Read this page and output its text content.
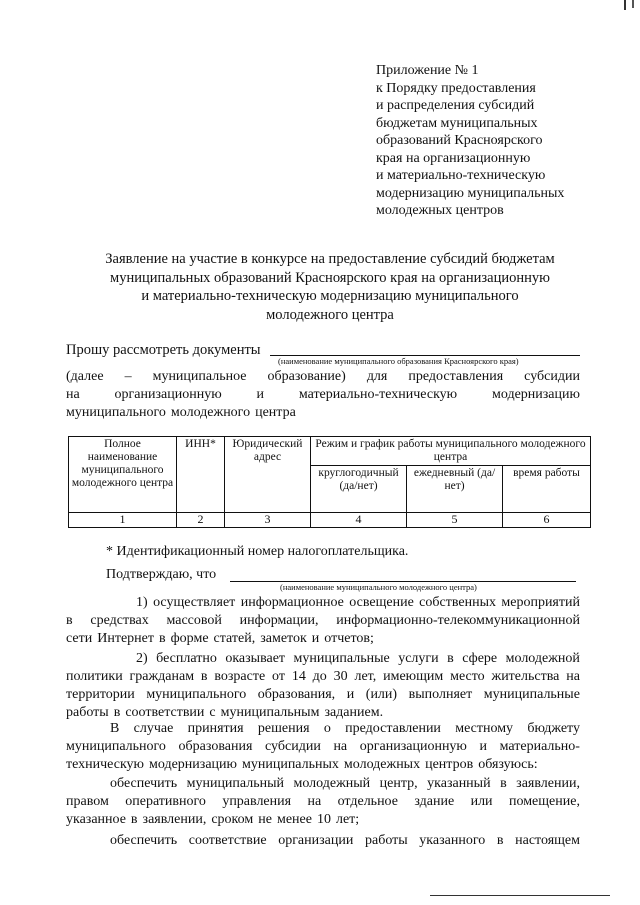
Приложение № 1
к Порядку предоставления
и распределения субсидий
бюджетам муниципальных
образований Красноярского
края на организационную
и материально-техническую
модернизацию муниципальных
молодежных центров
Заявление на участие в конкурсе на предоставление субсидий бюджетам
муниципальных образований Красноярского края на организационную
и материально-техническую модернизацию муниципального
молодежного центра
Прошу рассмотреть документы
(наименование муниципального образования Красноярского края)
(далее – муниципальное образование) для предоставления субсидии
на организационную и материально-техническую модернизацию
муниципального молодежного центра
Полное наименование муниципального молодежного центра	ИНН*	Юридический адрес	Режим и график работы муниципального молодежного центра		
			круглогодичный (да/нет)	ежедневный (да/нет)	время работы
1	2	3	4	5	6
* Идентификационный номер налогоплательщика.
Подтверждаю, что
(наименование муниципального молодежного центра)
1) осуществляет информационное освещение собственных мероприятий
в средствах массовой информации, информационно-телекоммуникационной
сети Интернет в форме статей, заметок и отчетов;
2) бесплатно оказывает муниципальные услуги в сфере молодежной
политики гражданам в возрасте от 14 до 30 лет, имеющим место жительства на
территории муниципального образования, и (или) выполняет муниципальные
работы в соответствии с муниципальным заданием.
В случае принятия решения о предоставлении местному бюджету
муниципального образования субсидии на организационную и материально-
техническую модернизацию муниципальных молодежных центров обязуюсь:
обеспечить муниципальный молодежный центр, указанный в заявлении,
правом оперативного управления на отдельное здание или помещение,
указанное в заявлении, сроком не менее 10 лет;
обеспечить соответствие организации работы указанного в настоящем
